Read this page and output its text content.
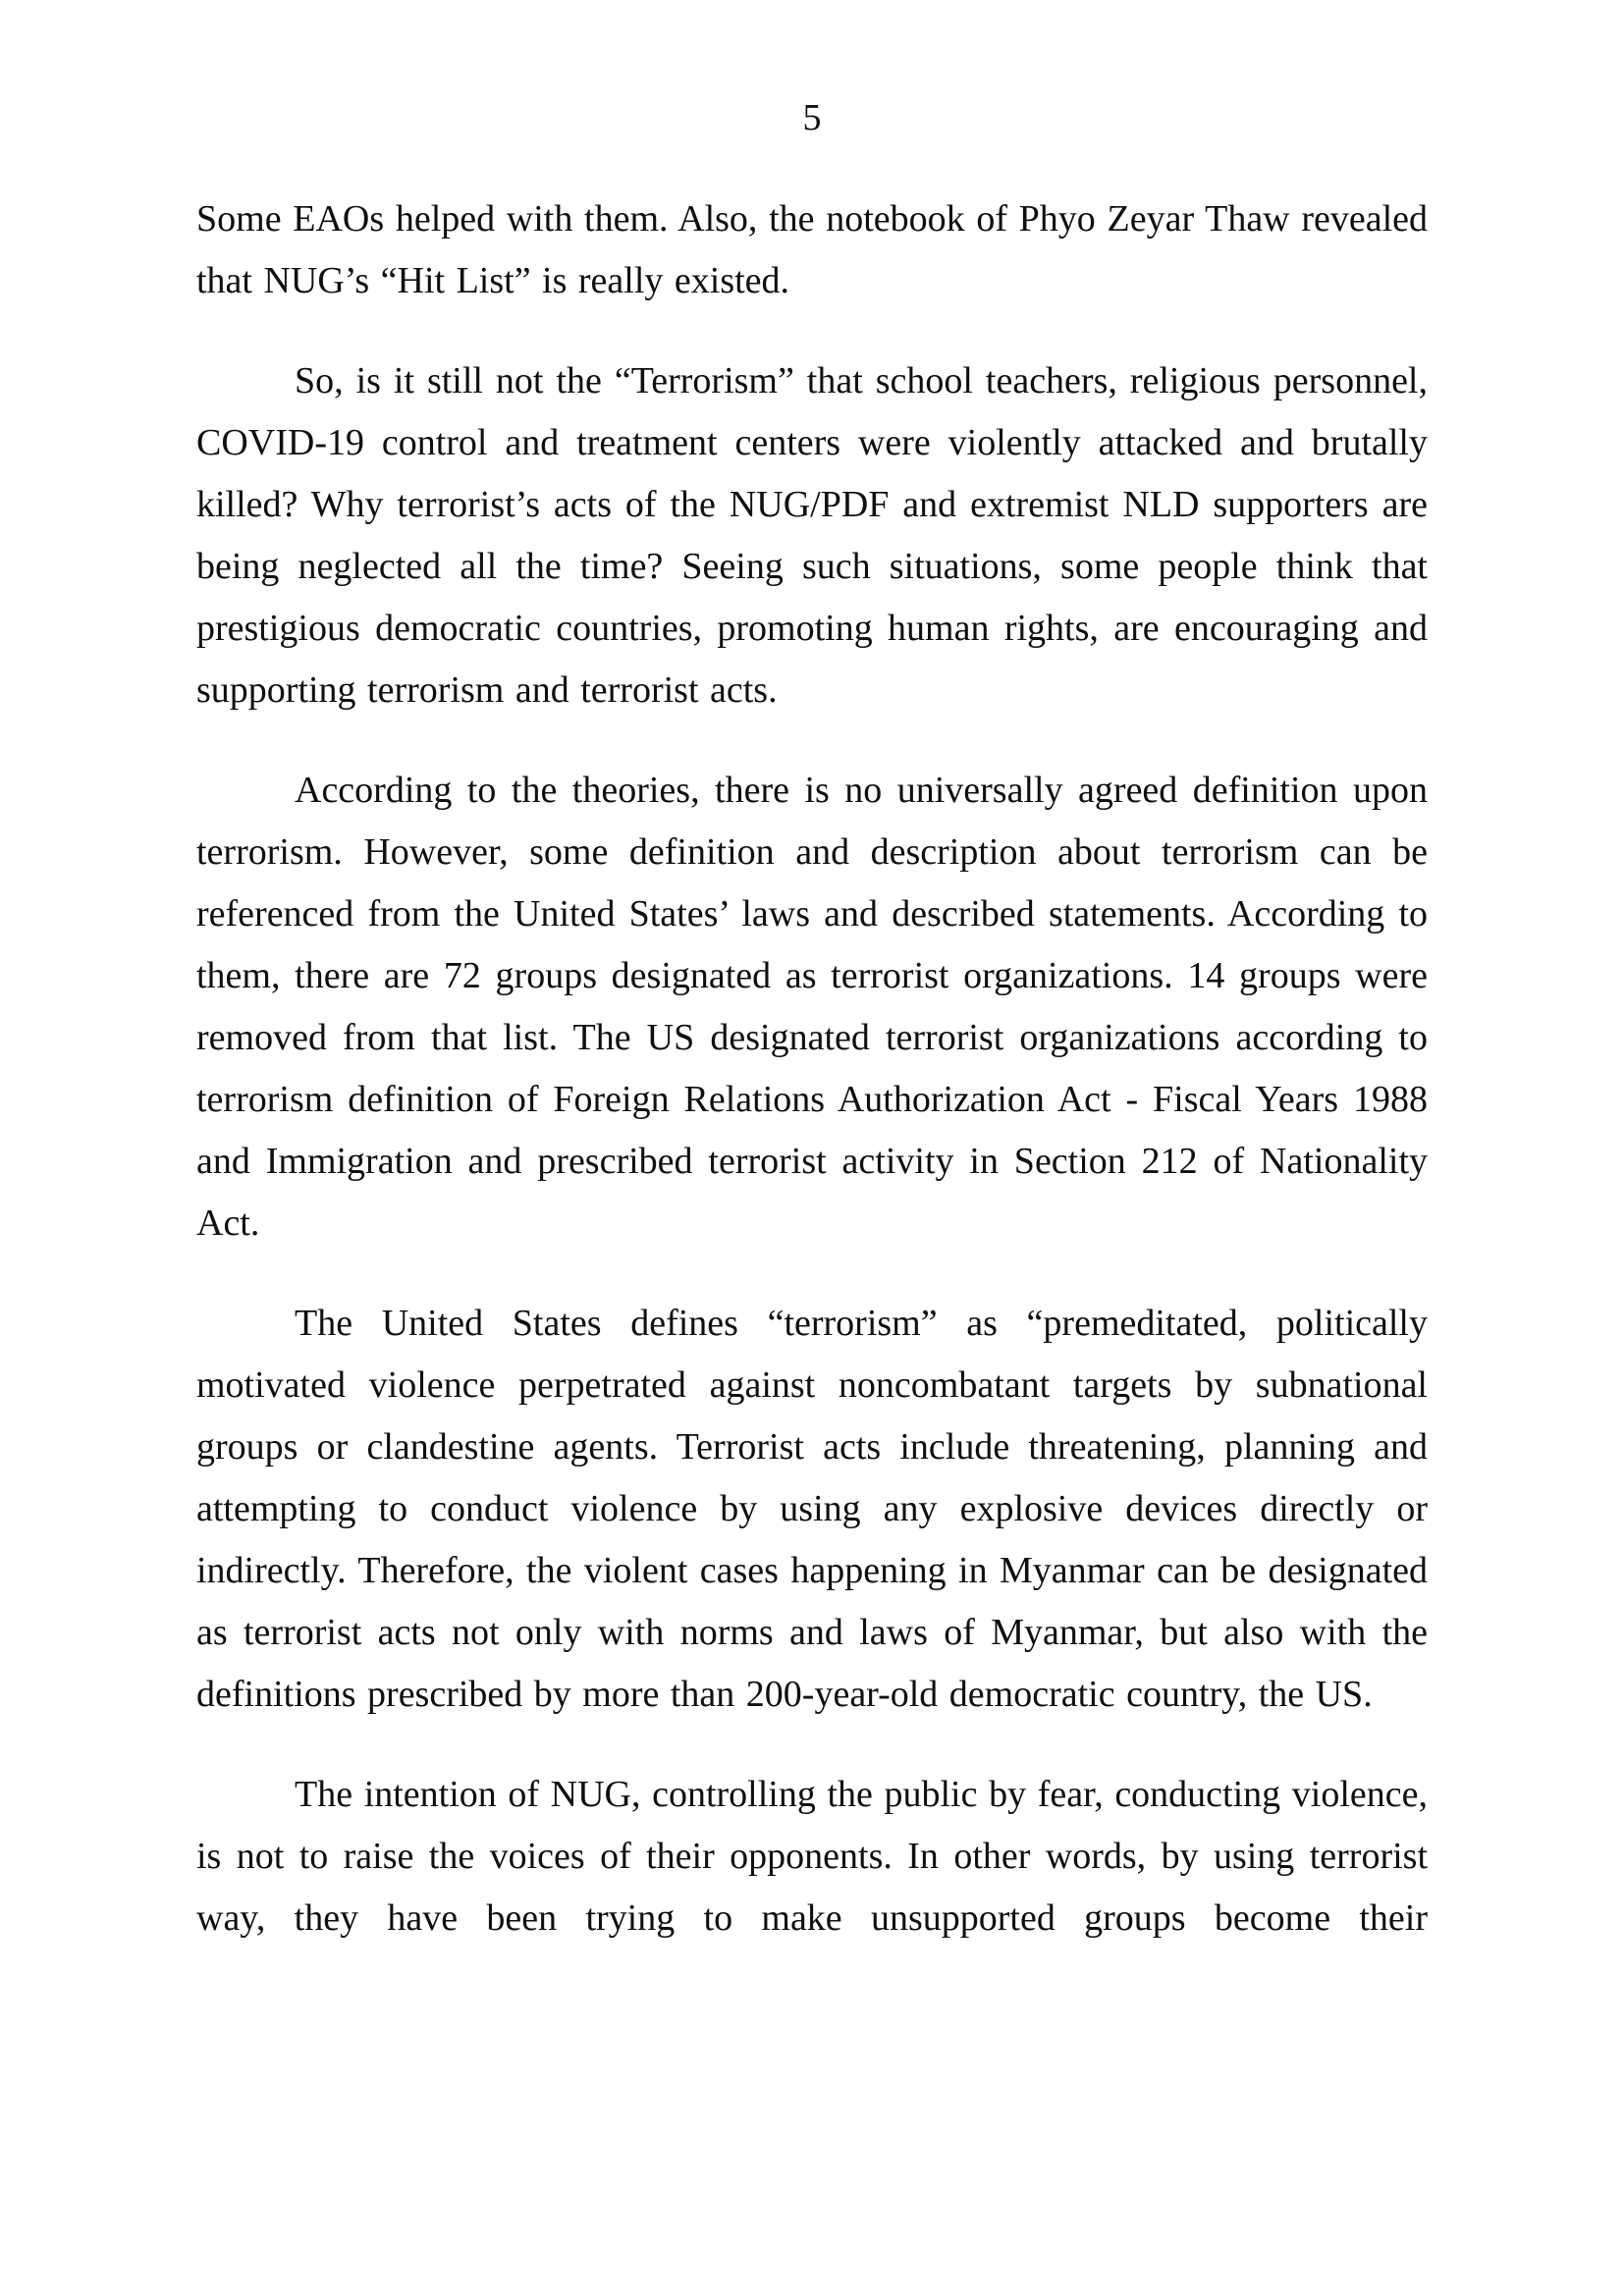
5

Some EAOs helped with them. Also, the notebook of Phyo Zeyar Thaw revealed that NUG’s “Hit List” is really existed.

So, is it still not the “Terrorism” that school teachers, religious personnel, COVID-19 control and treatment centers were violently attacked and brutally killed? Why terrorist’s acts of the NUG/PDF and extremist NLD supporters are being neglected all the time? Seeing such situations, some people think that prestigious democratic countries, promoting human rights, are encouraging and supporting terrorism and terrorist acts.

According to the theories, there is no universally agreed definition upon terrorism. However, some definition and description about terrorism can be referenced from the United States’ laws and described statements. According to them, there are 72 groups designated as terrorist organizations. 14 groups were removed from that list. The US designated terrorist organizations according to terrorism definition of Foreign Relations Authorization Act - Fiscal Years 1988 and Immigration and prescribed terrorist activity in Section 212 of Nationality Act.

The United States defines “terrorism” as “premeditated, politically motivated violence perpetrated against noncombatant targets by subnational groups or clandestine agents. Terrorist acts include threatening, planning and attempting to conduct violence by using any explosive devices directly or indirectly. Therefore, the violent cases happening in Myanmar can be designated as terrorist acts not only with norms and laws of Myanmar, but also with the definitions prescribed by more than 200-year-old democratic country, the US.

The intention of NUG, controlling the public by fear, conducting violence, is not to raise the voices of their opponents. In other words, by using terrorist way, they have been trying to make unsupported groups become their
